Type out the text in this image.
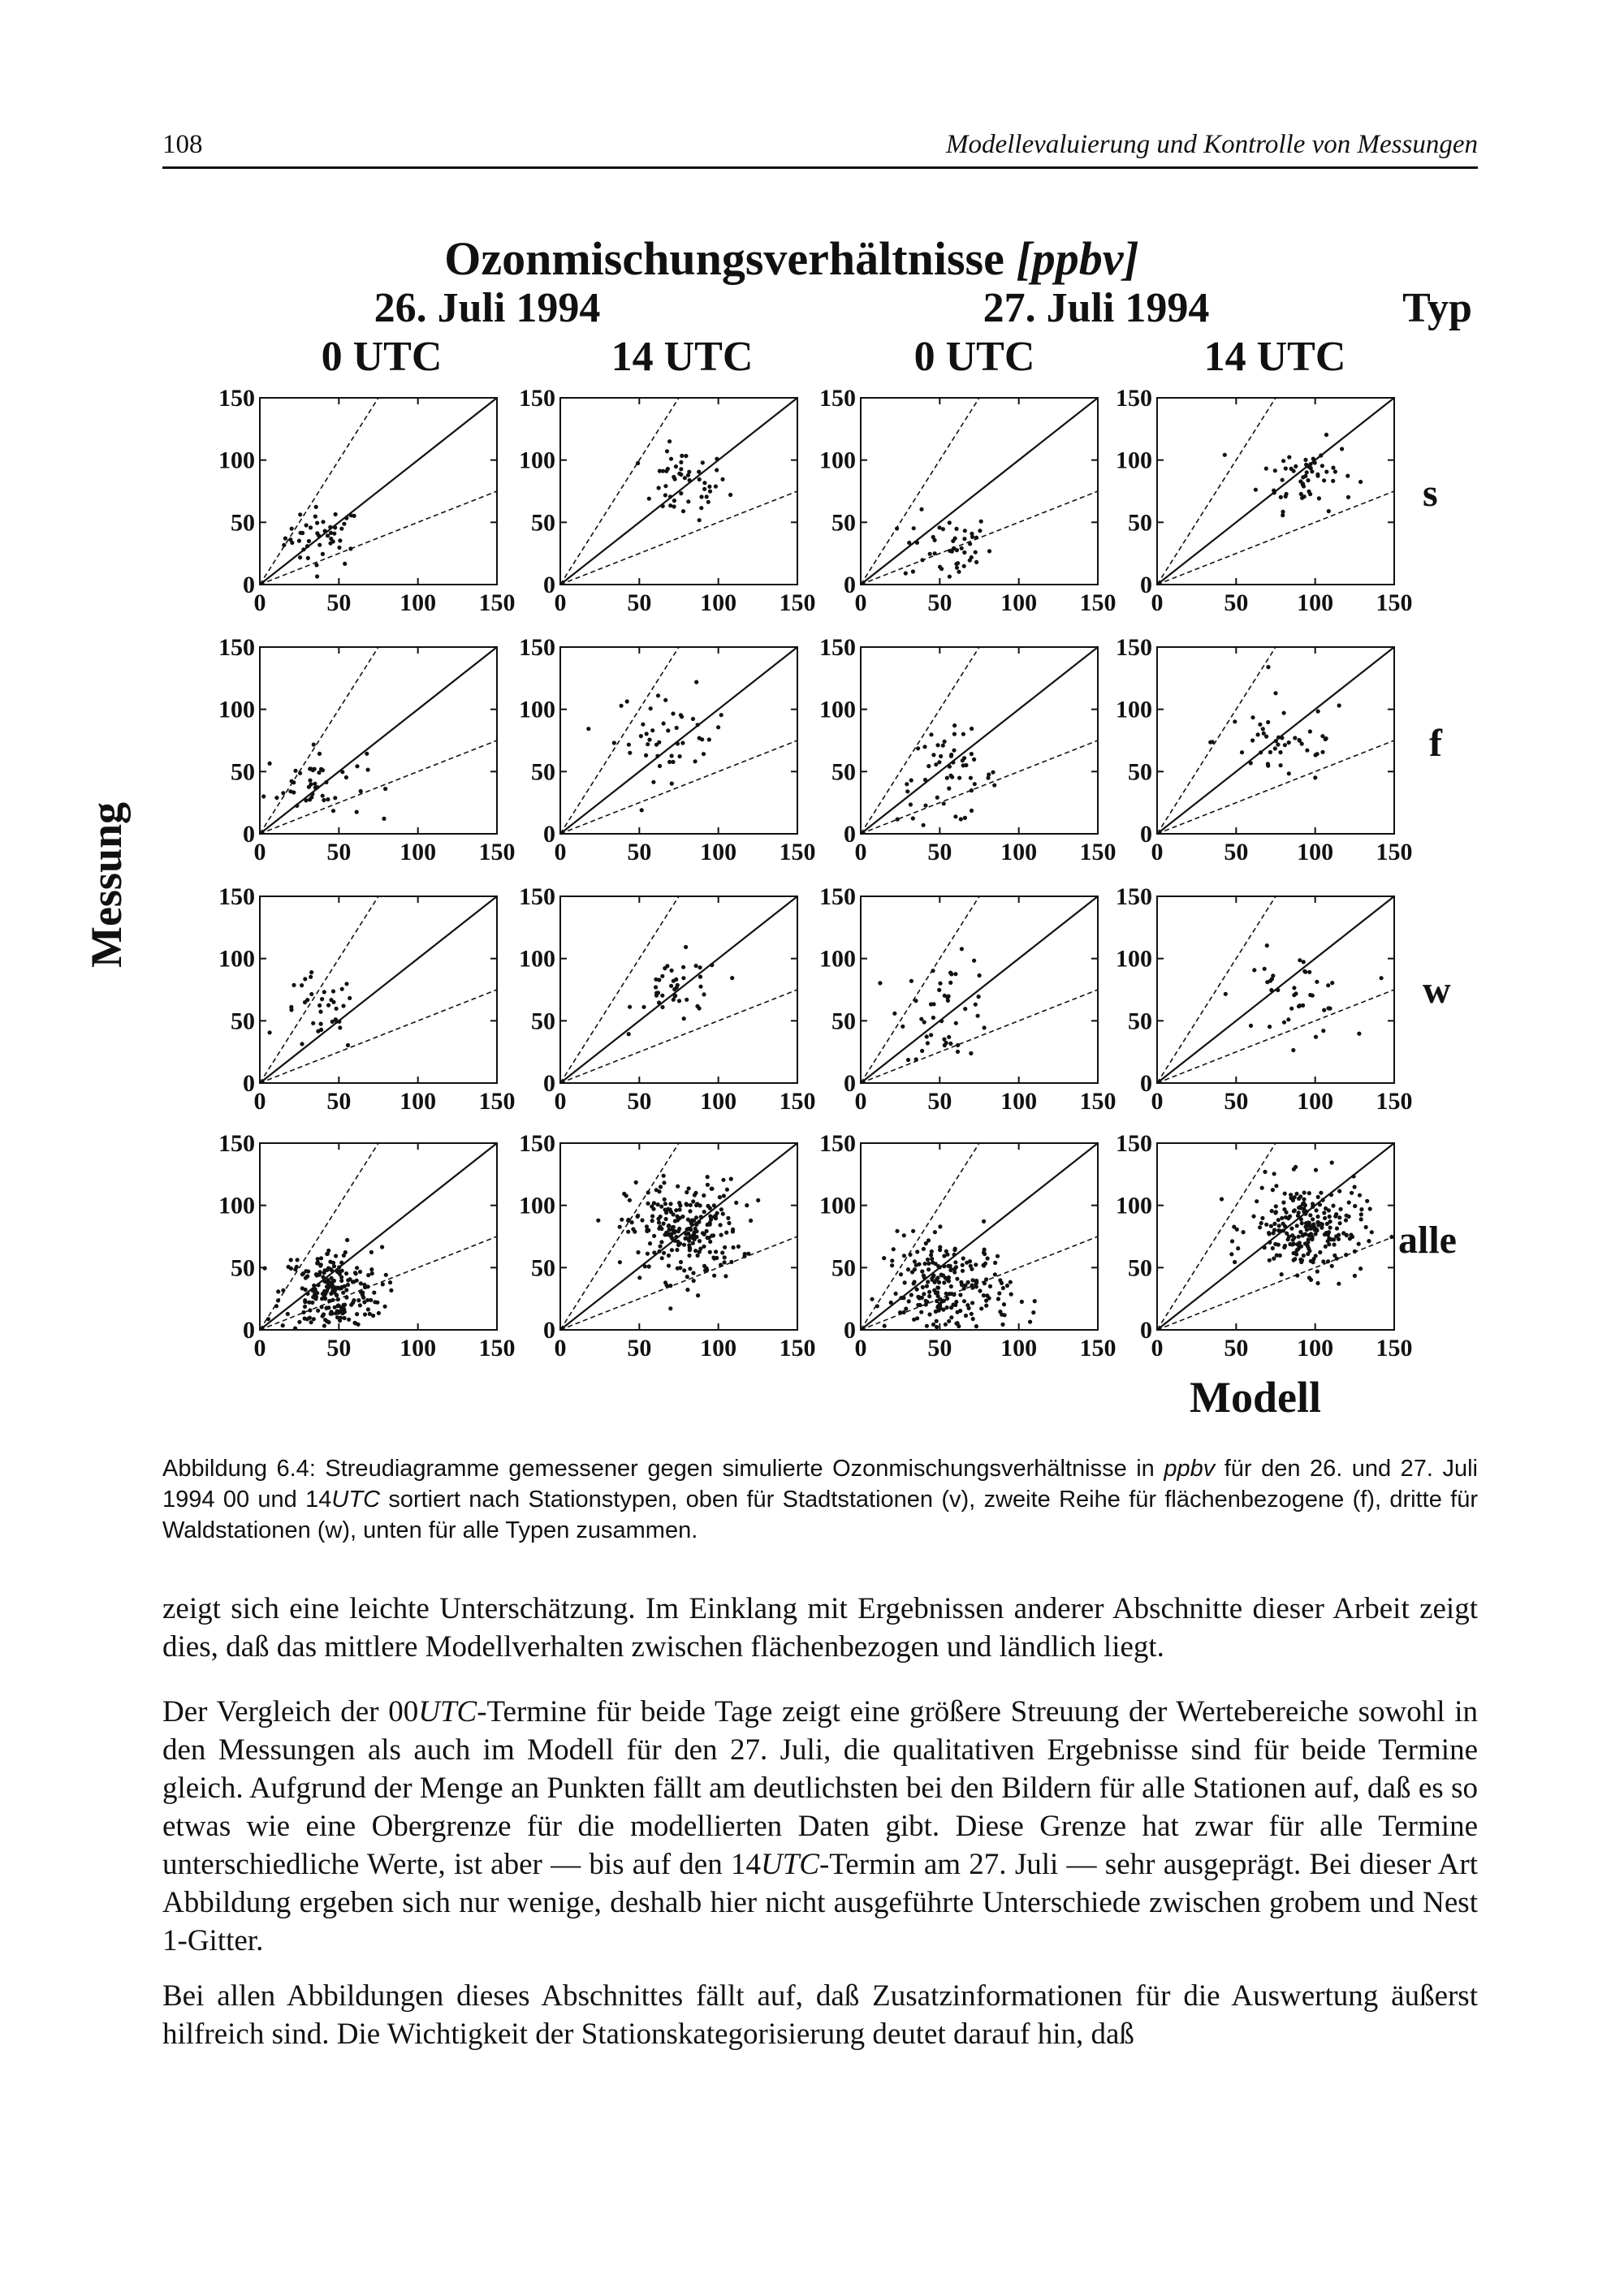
108	Modellevaluierung und Kontrolle von Messungen
Ozonmischungsverhältnisse [ppbv]
26. Juli 1994	27. Juli 1994	Typ
0 UTC	14 UTC	0 UTC	14 UTC
0
50
100
150
0 50 100 150
0
50
100
150
0 50 100 150
0
50
100
150
0 50 100 150
0
50
100
150
0 50 100 150
0
50
100
150
0 50 100 150
0
50
100
150
0 50 100 150
0
50
100
150
0 50 100 150
0
50
100
150
0 50 100 150
0
50
100
150
0 50 100 150
0
50
100
150
0 50 100 150
0
50
100
150
0 50 100 150
0
50
100
150
0 50 100 150
0
50
100
150
0 50 100 150
0
50
100
150
0 50 100 150
0
50
100
150
0 50 100 150
0
50
100
150
0 50 100 150
s
f
w
alle
Messung
Modell
Abbildung 6.4: Streudiagramme gemessener gegen simulierte Ozonmischungsverhältnisse in ppbv für den 26. und 27. Juli 1994 00 und 14UTC sortiert nach Stationstypen, oben für Stadtstationen (v), zweite Reihe für flächenbezogene (f), dritte für Waldstationen (w), unten für alle Typen zusammen.
zeigt sich eine leichte Unterschätzung. Im Einklang mit Ergebnissen anderer Abschnitte dieser Arbeit zeigt dies, daß das mittlere Modellverhalten zwischen flächenbezogen und ländlich liegt.
Der Vergleich der 00UTC-Termine für beide Tage zeigt eine größere Streuung der Wertebereiche sowohl in den Messungen als auch im Modell für den 27. Juli, die qualitativen Ergebnisse sind für beide Termine gleich. Aufgrund der Menge an Punkten fällt am deutlichsten bei den Bildern für alle Stationen auf, daß es so etwas wie eine Obergrenze für die modellierten Daten gibt. Diese Grenze hat zwar für alle Termine unterschiedliche Werte, ist aber — bis auf den 14UTC-Termin am 27. Juli — sehr ausgeprägt. Bei dieser Art Abbildung ergeben sich nur wenige, deshalb hier nicht ausgeführte Unterschiede zwischen grobem und Nest 1-Gitter.
Bei allen Abbildungen dieses Abschnittes fällt auf, daß Zusatzinformationen für die Auswertung äußerst hilfreich sind. Die Wichtigkeit der Stationskategorisierung deutet darauf hin, daß
